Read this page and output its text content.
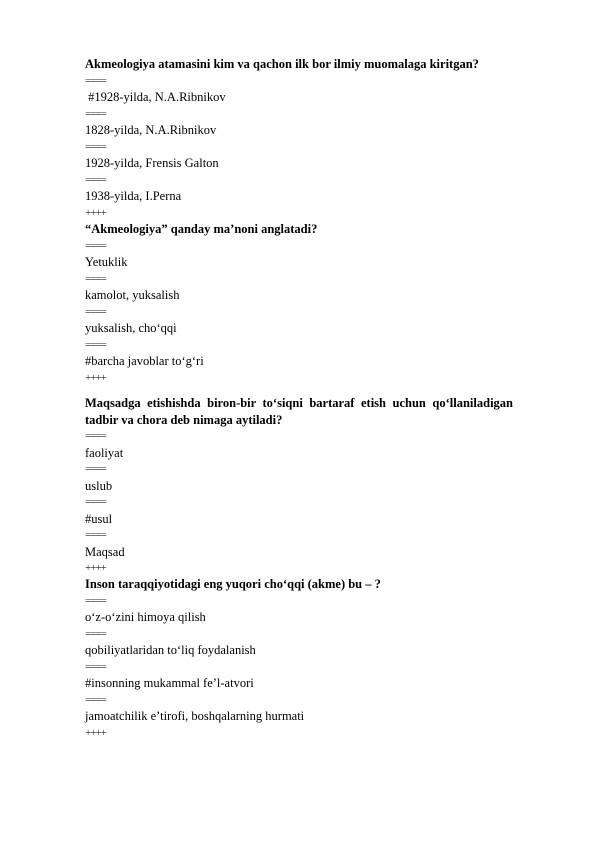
Akmeologiya atamasini kim va qachon ilk bor ilmiy muomalaga kiritgan?
====
#1928-yilda, N.A.Ribnikov
====
1828-yilda, N.A.Ribnikov
====
1928-yilda, Frensis Galton
====
1938-yilda, I.Perna
++++
“Akmeologiya” qanday ma’noni anglatadi?
====
Yetuklik
====
kamolot, yuksalish
====
yuksalish, cho‘qqi
====
#barcha javoblar to‘g‘ri
++++
Maqsadga etishishda biron-bir to‘siqni bartaraf etish uchun qo‘llaniladigan tadbir va chora deb nimaga aytiladi?
====
faoliyat
====
uslub
====
#usul
====
Maqsad
++++
Inson taraqqiyotidagi eng yuqori cho‘qqi (akme) bu – ?
====
o‘z-o‘zini himoya qilish
====
qobiliyatlaridan to‘liq foydalanish
====
#insonning mukammal fe’l-atvori
====
jamoatchilik e’tirofi, boshqalarning hurmati
++++
